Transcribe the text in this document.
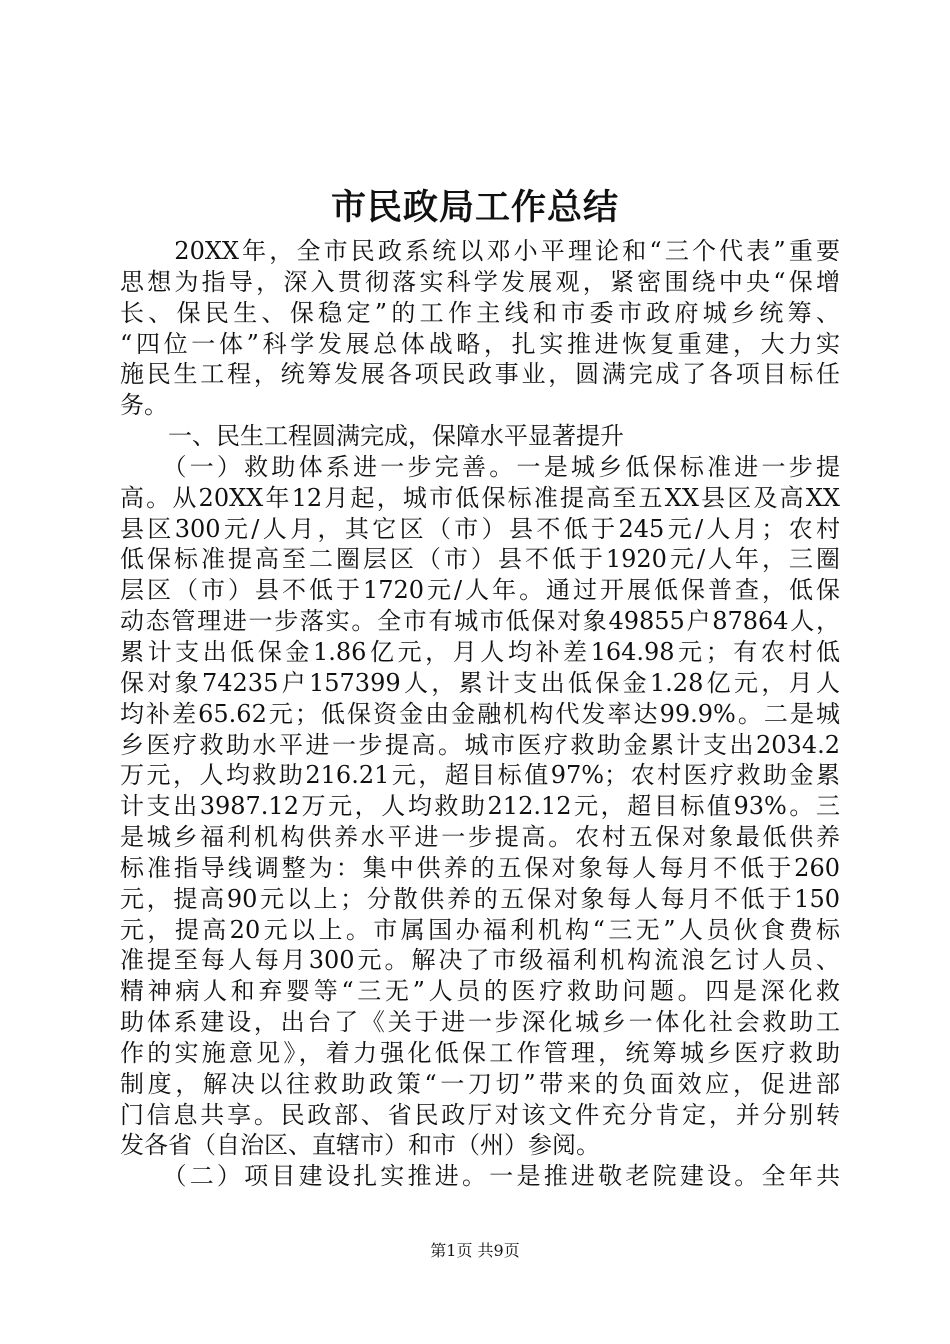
市民政局工作总结
　　20XX年，全市民政系统以邓小平理论和“三个代表”重要
思想为指导，深入贯彻落实科学发展观，紧密围绕中央“保增
长、保民生、保稳定”的工作主线和市委市政府城乡统筹、
“四位一体”科学发展总体战略，扎实推进恢复重建，大力实
施民生工程，统筹发展各项民政事业，圆满完成了各项目标任
务。
　　一、民生工程圆满完成，保障水平显著提升
　　（一）救助体系进一步完善。一是城乡低保标准进一步提
高。从20XX年12月起，城市低保标准提高至五XX县区及高XX
县区300元/人月，其它区（市）县不低于245元/人月；农村
低保标准提高至二圈层区（市）县不低于1920元/人年，三圈
层区（市）县不低于1720元/人年。通过开展低保普查，低保
动态管理进一步落实。全市有城市低保对象49855户87864人，
累计支出低保金1.86亿元，月人均补差164.98元；有农村低
保对象74235户157399人，累计支出低保金1.28亿元，月人
均补差65.62元；低保资金由金融机构代发率达99.9%。二是城
乡医疗救助水平进一步提高。城市医疗救助金累计支出2034.2
万元，人均救助216.21元，超目标值97%；农村医疗救助金累
计支出3987.12万元，人均救助212.12元，超目标值93%。三
是城乡福利机构供养水平进一步提高。农村五保对象最低供养
标准指导线调整为：集中供养的五保对象每人每月不低于260
元，提高90元以上；分散供养的五保对象每人每月不低于150
元，提高20元以上。市属国办福利机构“三无”人员伙食费标
准提至每人每月300元。解决了市级福利机构流浪乞讨人员、
精神病人和弃婴等“三无”人员的医疗救助问题。四是深化救
助体系建设，出台了《关于进一步深化城乡一体化社会救助工
作的实施意见》，着力强化低保工作管理，统筹城乡医疗救助
制度，解决以往救助政策“一刀切”带来的负面效应，促进部
门信息共享。民政部、省民政厅对该文件充分肯定，并分别转
发各省（自治区、直辖市）和市（州）参阅。
　　（二）项目建设扎实推进。一是推进敬老院建设。全年共
第1页 共9页
